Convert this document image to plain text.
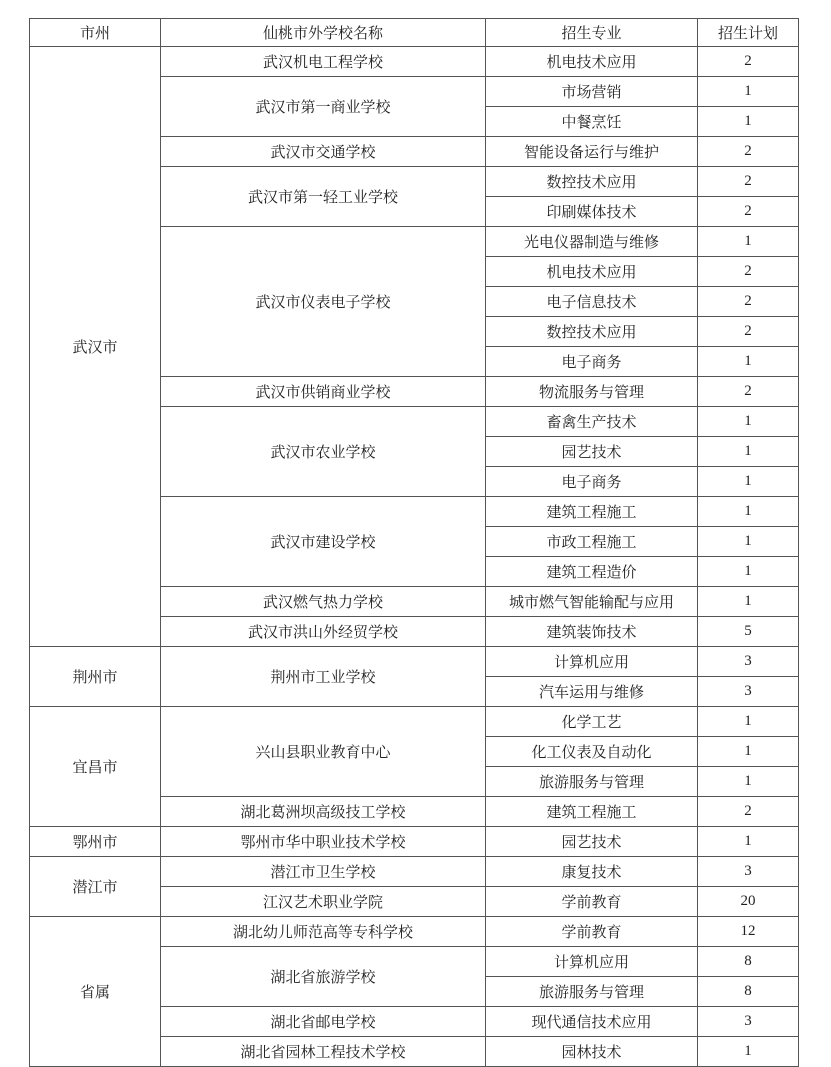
市州	仙桃市外学校名称	招生专业	招生计划
武汉市	武汉机电工程学校	机电技术应用	2
	武汉市第一商业学校	市场营销	1
		中餐烹饪	1
	武汉市交通学校	智能设备运行与维护	2
	武汉市第一轻工业学校	数控技术应用	2
		印刷媒体技术	2
	武汉市仪表电子学校	光电仪器制造与维修	1
		机电技术应用	2
		电子信息技术	2
		数控技术应用	2
		电子商务	1
	武汉市供销商业学校	物流服务与管理	2
	武汉市农业学校	畜禽生产技术	1
		园艺技术	1
		电子商务	1
	武汉市建设学校	建筑工程施工	1
		市政工程施工	1
		建筑工程造价	1
	武汉燃气热力学校	城市燃气智能输配与应用	1
	武汉市洪山外经贸学校	建筑装饰技术	5
荆州市	荆州市工业学校	计算机应用	3
		汽车运用与维修	3
宜昌市	兴山县职业教育中心	化学工艺	1
		化工仪表及自动化	1
		旅游服务与管理	1
	湖北葛洲坝高级技工学校	建筑工程施工	2
鄂州市	鄂州市华中职业技术学校	园艺技术	1
潜江市	潜江市卫生学校	康复技术	3
	江汉艺术职业学院	学前教育	20
省属	湖北幼儿师范高等专科学校	学前教育	12
	湖北省旅游学校	计算机应用	8
		旅游服务与管理	8
	湖北省邮电学校	现代通信技术应用	3
	湖北省园林工程技术学校	园林技术	1
